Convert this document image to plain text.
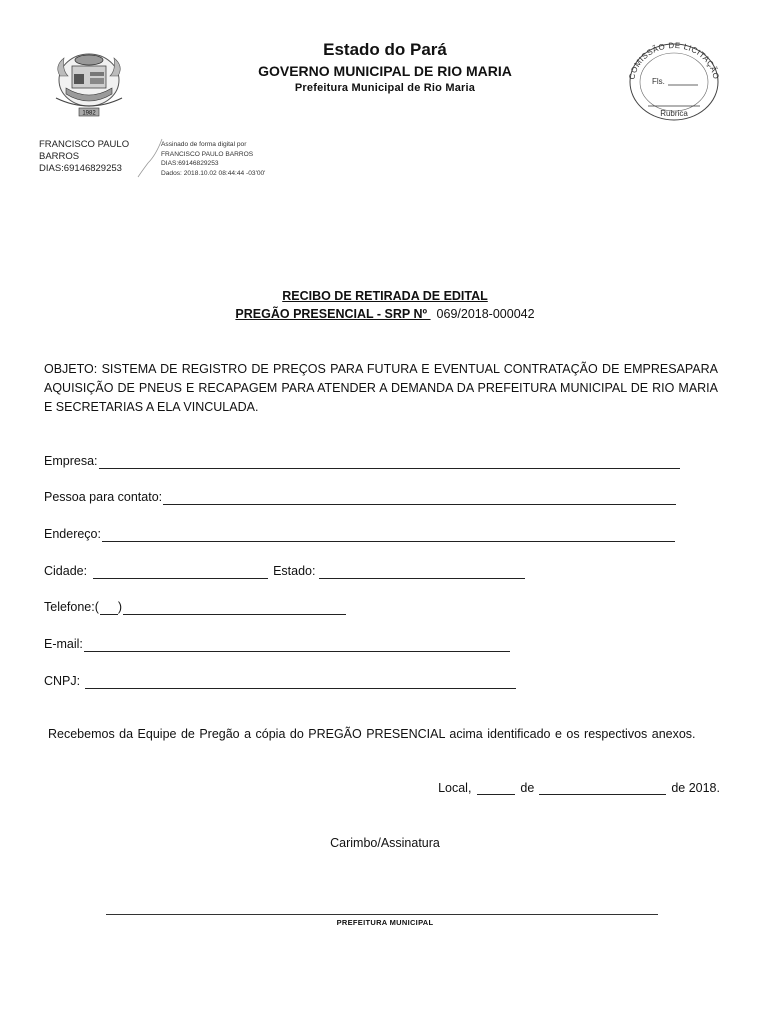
1982
Estado do Pará
GOVERNO MUNICIPAL DE RIO MARIA
Prefeitura Municipal de Rio Maria
COMISSÃO DE LICITAÇÃO
Fls.
Rubrica
FRANCISCO PAULO
BARROS
DIAS:69146829253
Assinado de forma digital por
FRANCISCO PAULO BARROS
DIAS:69146829253
Dados: 2018.10.02 08:44:44 -03'00'
RECIBO DE RETIRADA DE EDITAL
PREGÃO PRESENCIAL - SRP Nº 069/2018-000042
OBJETO: SISTEMA DE REGISTRO DE PREÇOS PARA FUTURA E EVENTUAL CONTRATAÇÃO DE EMPRESAPARA AQUISIÇÃO DE PNEUS E RECAPAGEM PARA ATENDER A DEMANDA DA PREFEITURA MUNICIPAL DE RIO MARIA E SECRETARIAS A ELA VINCULADA.
Empresa:
Pessoa para contato:
Endereço:
Cidade:	Estado:
Telefone:( )
E-mail:
CNPJ:
Recebemos da Equipe de Pregão a cópia do PREGÃO PRESENCIAL acima identificado e os respectivos anexos.
Local,	de	de 2018.
Carimbo/Assinatura
PREFEITURA MUNICIPAL
